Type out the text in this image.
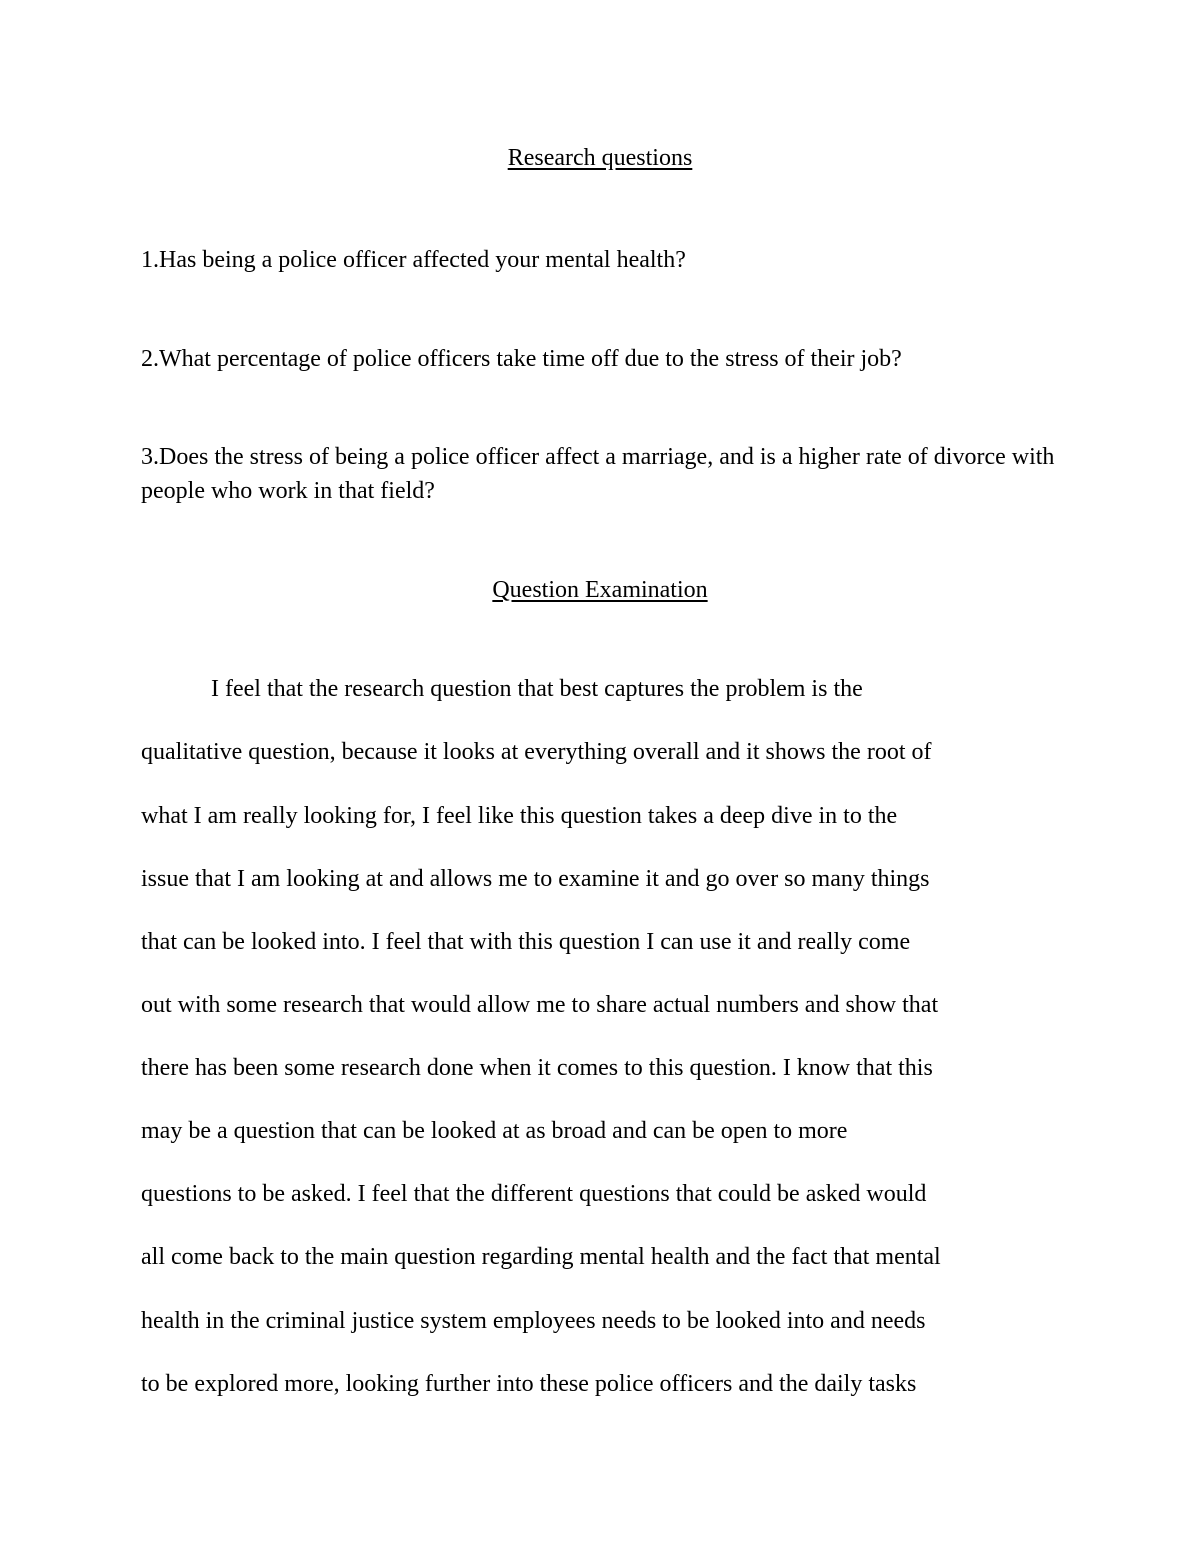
Research questions
1.Has being a police officer affected your mental health?
2.What percentage of police officers take time off due to the stress of their job?
3.Does the stress of being a police officer affect a marriage, and is a higher rate of divorce with people who work in that field?
Question Examination
I feel that the research question that best captures the problem is the
qualitative question, because it looks at everything overall and it shows the root of
what I am really looking for, I feel like this question takes a deep dive in to the
issue that I am looking at and allows me to examine it and go over so many things
that can be looked into. I feel that with this question I can use it and really come
out with some research that would allow me to share actual numbers and show that
there has been some research done when it comes to this question. I know that this
may be a question that can be looked at as broad and can be open to more
questions to be asked. I feel that the different questions that could be asked would
all come back to the main question regarding mental health and the fact that mental
health in the criminal justice system employees needs to be looked into and needs
to be explored more, looking further into these police officers and the daily tasks
